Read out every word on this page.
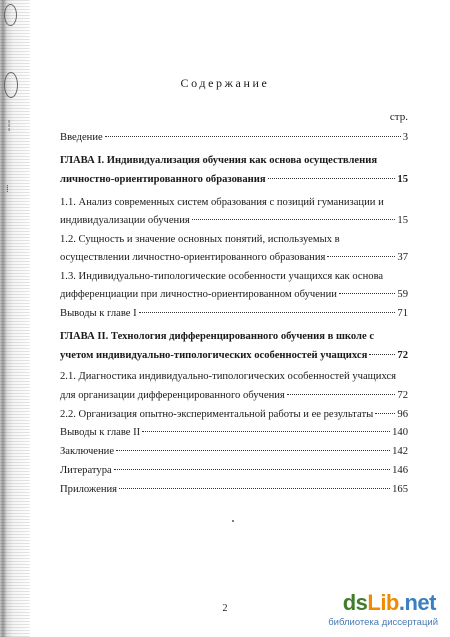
┆
⁞
Содержание
стр.
Введение	3
ГЛАВА I. Индивидуализация обучения как основа осуществления
личностно-ориентированного образования	15
1.1. Анализ современных систем образования с позиций гуманизации и
индивидуализации обучения	15
1.2. Сущность и значение основных понятий, используемых в
осуществлении личностно-ориентированного образования	37
1.3. Индивидуально-типологические особенности учащихся как основа
дифференциации при личностно-ориентированном обучении	59
Выводы к главе I	71
ГЛАВА II. Технология дифференцированного обучения в школе с
учетом индивидуально-типологических особенностей учащихся	72
2.1. Диагностика индивидуально-типологических особенностей учащихся
для организации дифференцированного обучения	72
2.2. Организация опытно-экспериментальной работы и ее результаты 96
Выводы к главе II	140
Заключение	142
Литература	146
Приложения	165
2	dsLib.net
библиотека диссертаций
